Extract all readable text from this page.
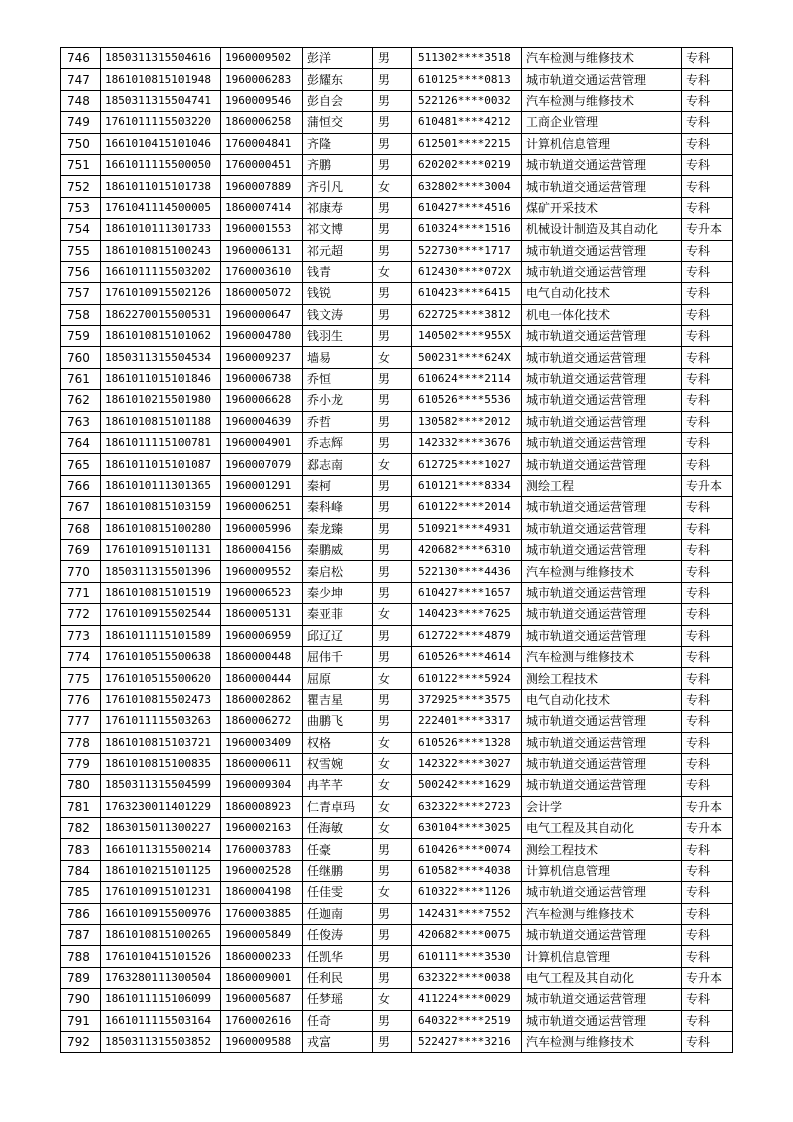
746	1850311315504616	1960009502	彭洋	男	511302****3518	汽车检测与维修技术	专科
747	1861010815101948	1960006283	彭耀东	男	610125****0813	城市轨道交通运营管理	专科
748	1850311315504741	1960009546	彭自会	男	522126****0032	汽车检测与维修技术	专科
749	1761011115503220	1860006258	蒲恒交	男	610481****4212	工商企业管理	专科
750	1661010415101046	1760004841	齐隆	男	612501****2215	计算机信息管理	专科
751	1661011115500050	1760000451	齐鹏	男	620202****0219	城市轨道交通运营管理	专科
752	1861011015101738	1960007889	齐引凡	女	632802****3004	城市轨道交通运营管理	专科
753	1761041114500005	1860007414	祁康寿	男	610427****4516	煤矿开采技术	专科
754	1861010111301733	1960001553	祁文博	男	610324****1516	机械设计制造及其自动化	专升本
755	1861010815100243	1960006131	祁元超	男	522730****1717	城市轨道交通运营管理	专科
756	1661011115503202	1760003610	钱青	女	612430****072X	城市轨道交通运营管理	专科
757	1761010915502126	1860005072	钱锐	男	610423****6415	电气自动化技术	专科
758	1862270015500531	1960000647	钱文涛	男	622725****3812	机电一体化技术	专科
759	1861010815101062	1960004780	钱羽生	男	140502****955X	城市轨道交通运营管理	专科
760	1850311315504534	1960009237	墙易	女	500231****624X	城市轨道交通运营管理	专科
761	1861011015101846	1960006738	乔恒	男	610624****2114	城市轨道交通运营管理	专科
762	1861010215501980	1960006628	乔小龙	男	610526****5536	城市轨道交通运营管理	专科
763	1861010815101188	1960004639	乔哲	男	130582****2012	城市轨道交通运营管理	专科
764	1861011115100781	1960004901	乔志辉	男	142332****3676	城市轨道交通运营管理	专科
765	1861011015101087	1960007079	郄志南	女	612725****1027	城市轨道交通运营管理	专科
766	1861010111301365	1960001291	秦柯	男	610121****8334	测绘工程	专升本
767	1861010815103159	1960006251	秦科峰	男	610122****2014	城市轨道交通运营管理	专科
768	1861010815100280	1960005996	秦龙臻	男	510921****4931	城市轨道交通运营管理	专科
769	1761010915101131	1860004156	秦鹏威	男	420682****6310	城市轨道交通运营管理	专科
770	1850311315501396	1960009552	秦启松	男	522130****4436	汽车检测与维修技术	专科
771	1861010815101519	1960006523	秦少坤	男	610427****1657	城市轨道交通运营管理	专科
772	1761010915502544	1860005131	秦亚菲	女	140423****7625	城市轨道交通运营管理	专科
773	1861011115101589	1960006959	邱辽辽	男	612722****4879	城市轨道交通运营管理	专科
774	1761010515500638	1860000448	屈伟千	男	610526****4614	汽车检测与维修技术	专科
775	1761010515500620	1860000444	屈原	女	610122****5924	测绘工程技术	专科
776	1761010815502473	1860002862	瞿吉星	男	372925****3575	电气自动化技术	专科
777	1761011115503263	1860006272	曲鹏飞	男	222401****3317	城市轨道交通运营管理	专科
778	1861010815103721	1960003409	权格	女	610526****1328	城市轨道交通运营管理	专科
779	1861010815100835	1860000611	权雪婉	女	142322****3027	城市轨道交通运营管理	专科
780	1850311315504599	1960009304	冉芊芊	女	500242****1629	城市轨道交通运营管理	专科
781	1763230011401229	1860008923	仁青卓玛	女	632322****2723	会计学	专升本
782	1863015011300227	1960002163	任海敏	女	630104****3025	电气工程及其自动化	专升本
783	1661011315500214	1760003783	任豪	男	610426****0074	测绘工程技术	专科
784	1861010215101125	1960002528	任继鹏	男	610582****4038	计算机信息管理	专科
785	1761010915101231	1860004198	任佳雯	女	610322****1126	城市轨道交通运营管理	专科
786	1661010915500976	1760003885	任迦南	男	142431****7552	汽车检测与维修技术	专科
787	1861010815100265	1960005849	任俊涛	男	420682****0075	城市轨道交通运营管理	专科
788	1761010415101526	1860000233	任凯华	男	610111****3530	计算机信息管理	专科
789	1763280111300504	1860009001	任利民	男	632322****0038	电气工程及其自动化	专升本
790	1861011115106099	1960005687	任梦瑶	女	411224****0029	城市轨道交通运营管理	专科
791	1661011115503164	1760002616	任奇	男	640322****2519	城市轨道交通运营管理	专科
792	1850311315503852	1960009588	戎富	男	522427****3216	汽车检测与维修技术	专科
